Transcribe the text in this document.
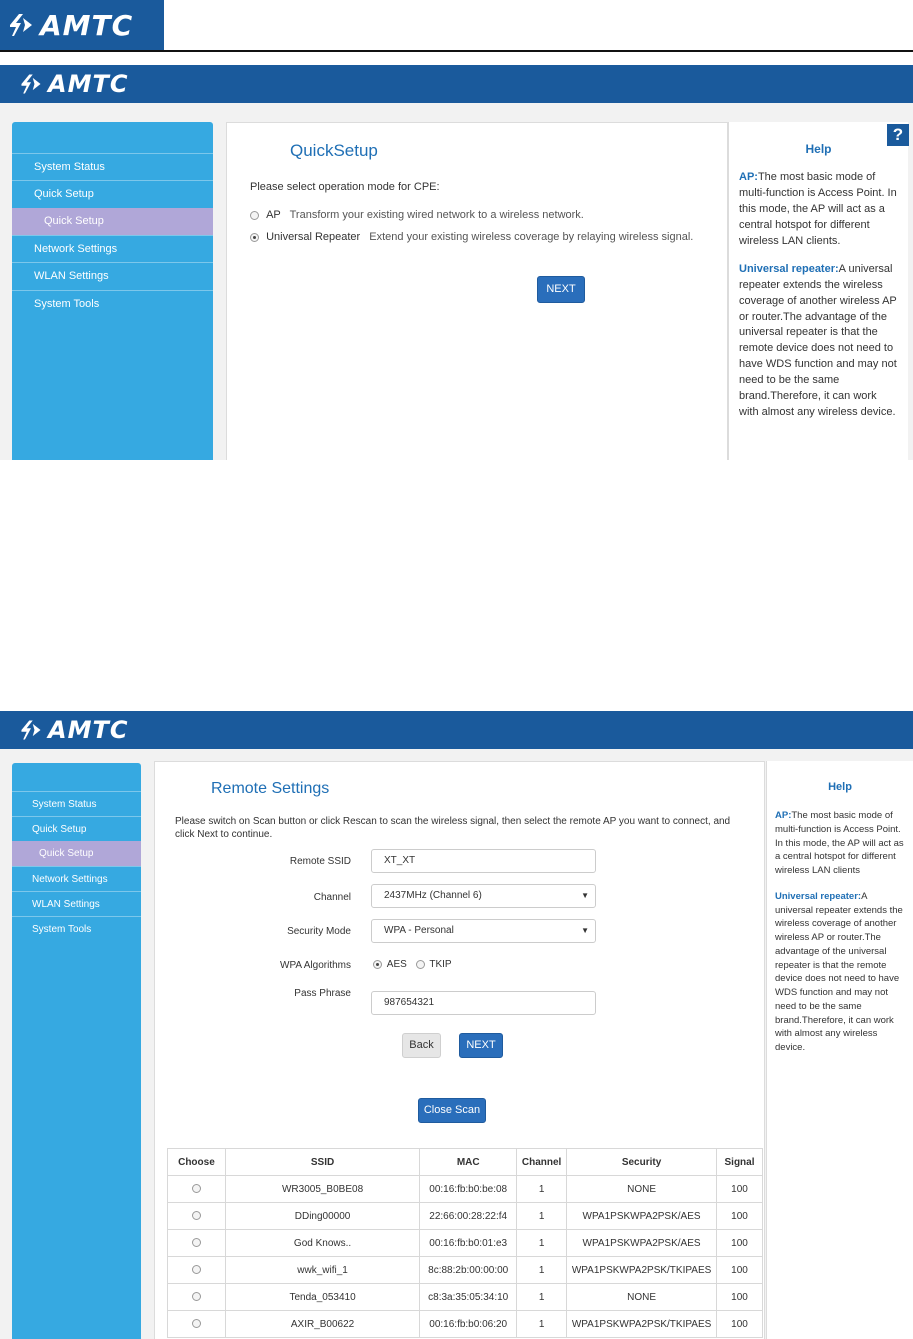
AMTC
AMTC
System Status
Quick Setup
Quick Setup
Network Settings
WLAN Settings
System Tools
QuickSetup
Please select operation mode for CPE:
AP Transform your existing wired network to a wireless network.
Universal Repeater Extend your existing wireless coverage by relaying wireless signal.
NEXT
?
Help

AP:The most basic mode of multi-function is Access Point. In this mode, the AP will act as a central hotspot for different wireless LAN clients.

Universal repeater:A universal repeater extends the wireless coverage of another wireless AP or router.The advantage of the universal repeater is that the remote device does not need to have WDS function and may not need to be the same brand.Therefore, it can work with almost any wireless device.

AMTC
System Status
Quick Setup
Quick Setup
Network Settings
WLAN Settings
System Tools
Remote Settings
Please switch on Scan button or click Rescan to scan the wireless signal, then select the remote AP you want to connect, and click Next to continue.
Remote SSID	XT_XT
Channel	2437MHz (Channel 6)	▼
Security Mode	WPA - Personal	▼
WPA Algorithms	AES TKIP
Pass Phrase
987654321
Back	NEXT
Close Scan
Choose	SSID	MAC	Channel	Security	Signal
	WR3005_B0BE08	00:16:fb:b0:be:08	1	NONE	100
	DDing00000	22:66:00:28:22:f4	1	WPA1PSKWPA2PSK/AES	100
	God Knows..	00:16:fb:b0:01:e3	1	WPA1PSKWPA2PSK/AES	100
	wwk_wifi_1	8c:88:2b:00:00:00	1	WPA1PSKWPA2PSK/TKIPAES	100
	Tenda_053410	c8:3a:35:05:34:10	1	NONE	100
	AXIR_B00622	00:16:fb:b0:06:20	1	WPA1PSKWPA2PSK/TKIPAES	100
Help

AP:The most basic mode of multi-function is Access Point. In this mode, the AP will act as a central hotspot for different wireless LAN clients

Universal repeater:A universal repeater extends the wireless coverage of another wireless AP or router.The advantage of the universal repeater is that the remote device does not need to have WDS function and may not need to be the same brand.Therefore, it can work with almost any wireless device.
